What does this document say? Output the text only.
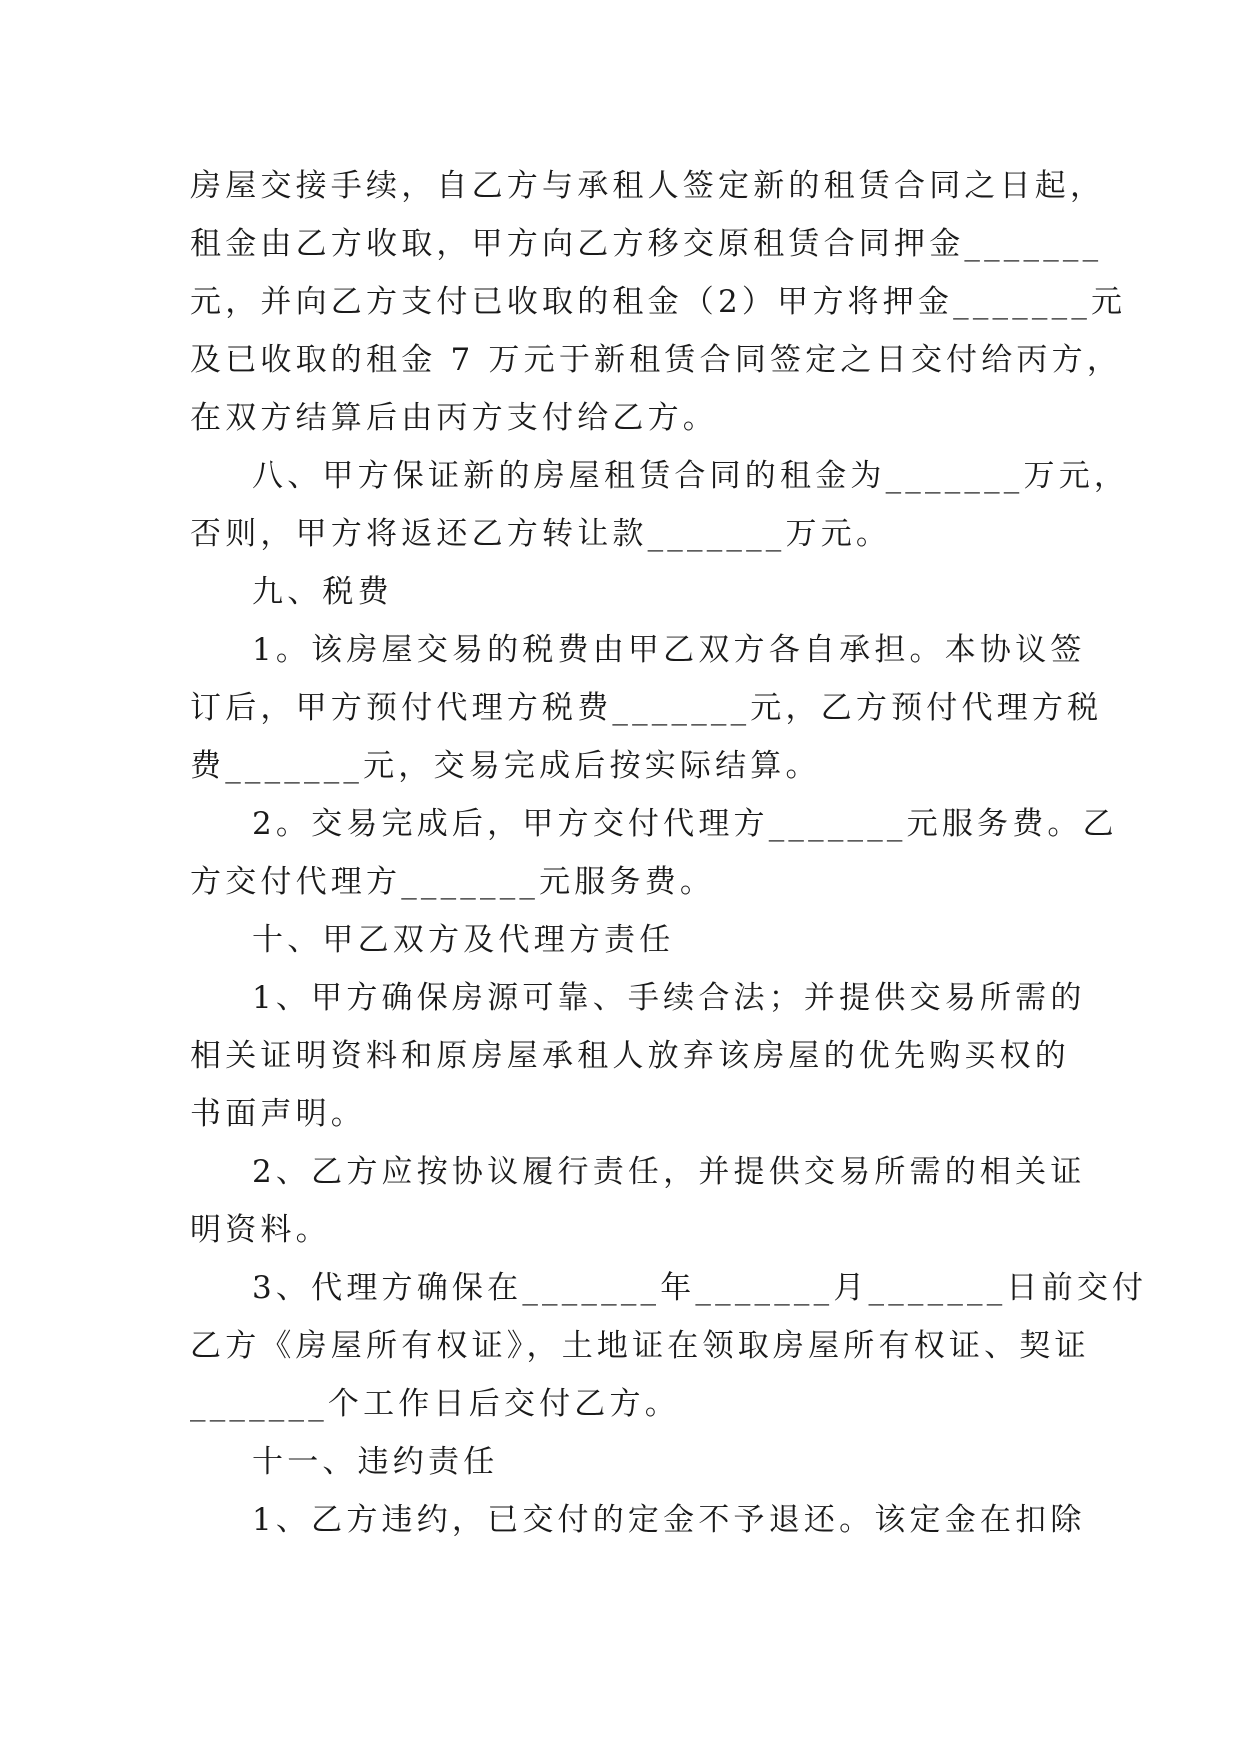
房屋交接手续，自乙方与承租人签定新的租赁合同之日起，
租金由乙方收取，甲方向乙方移交原租赁合同押金_______
元，并向乙方支付已收取的租金（2）甲方将押金_______元
及已收取的租金 7 万元于新租赁合同签定之日交付给丙方，
在双方结算后由丙方支付给乙方。
八、甲方保证新的房屋租赁合同的租金为_______万元，
否则，甲方将返还乙方转让款_______万元。
九、税费
1。该房屋交易的税费由甲乙双方各自承担。本协议签
订后，甲方预付代理方税费_______元，乙方预付代理方税
费_______元，交易完成后按实际结算。
2。交易完成后，甲方交付代理方_______元服务费。乙
方交付代理方_______元服务费。
十、甲乙双方及代理方责任
1、甲方确保房源可靠、手续合法；并提供交易所需的
相关证明资料和原房屋承租人放弃该房屋的优先购买权的
书面声明。
2、乙方应按协议履行责任，并提供交易所需的相关证
明资料。
3、代理方确保在_______年_______月_______日前交付
乙方《房屋所有权证》，土地证在领取房屋所有权证、契证
_______个工作日后交付乙方。
十一、违约责任
1、乙方违约，已交付的定金不予退还。该定金在扣除
